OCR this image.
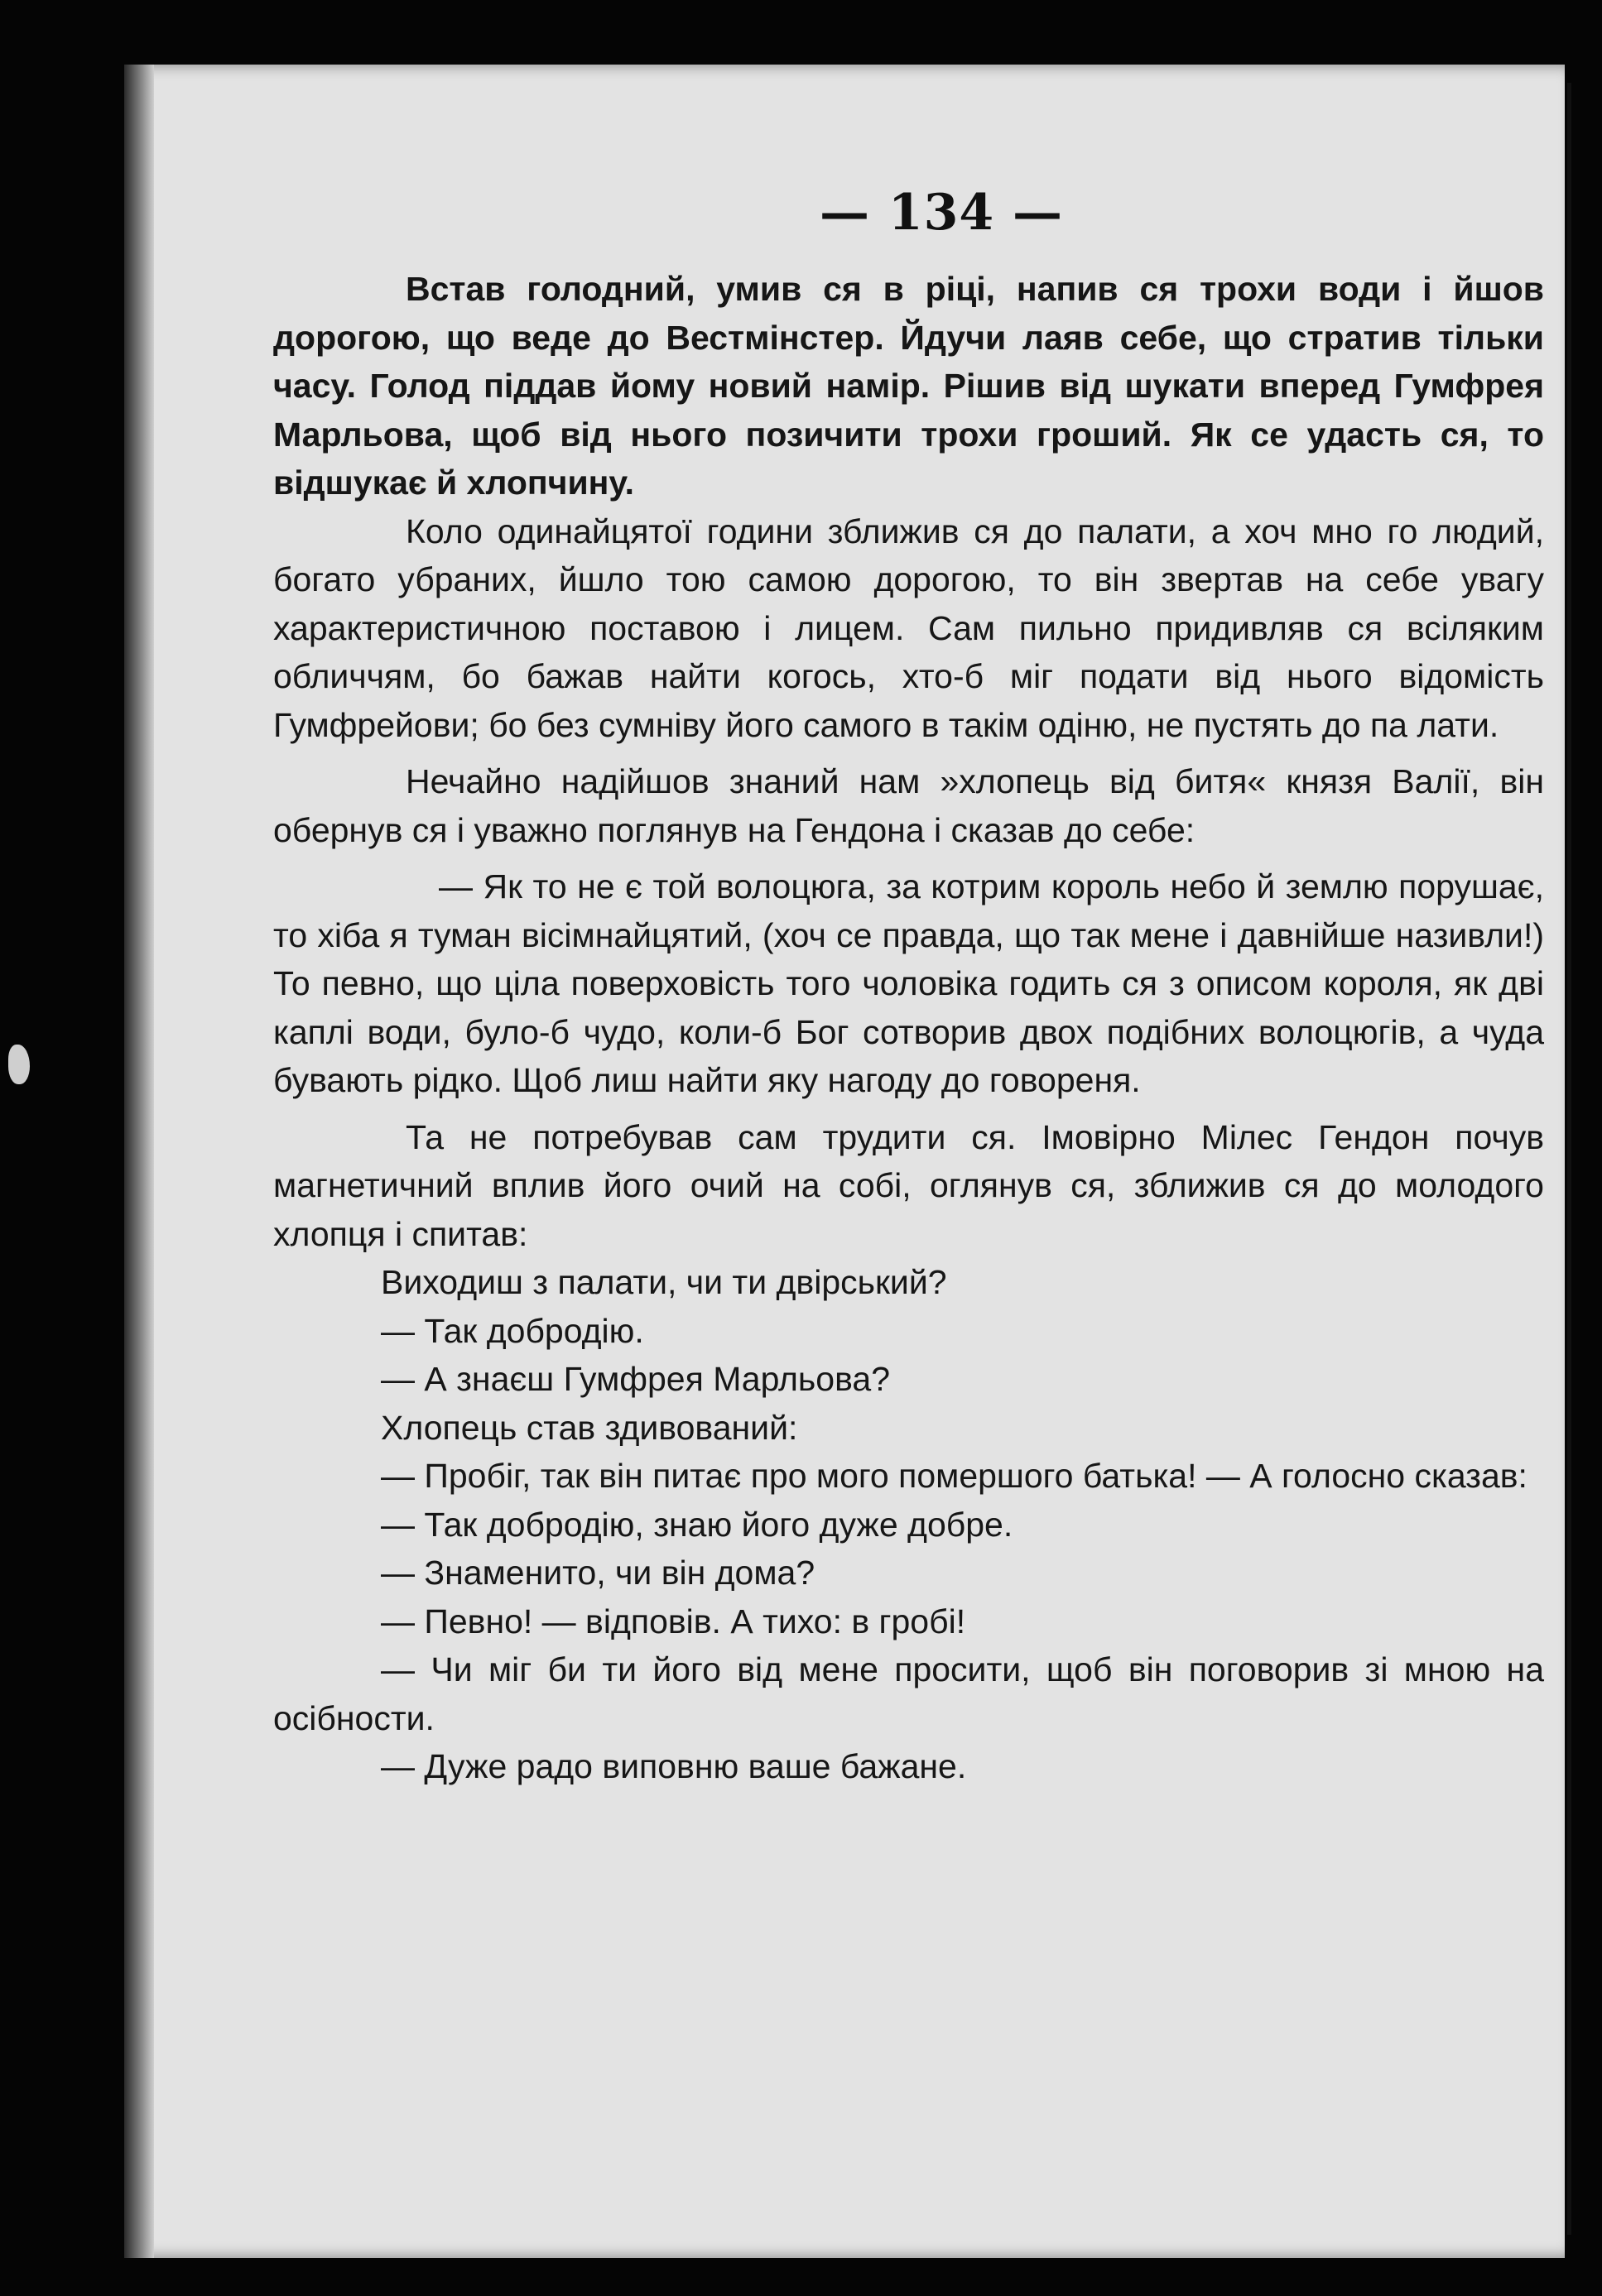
— 134 —

Встав голодний, умив ся в ріці, напив ся трохи води і йшов дорогою, що веде до Вестмінстер. Йдучи лаяв себе, що стратив тільки часу. Голод піддав йому новий намір. Рішив від шукати вперед Гумфрея Марльова, щоб від нього позичити трохи гроший. Як се удасть ся, то відшукає й хлопчину.

Коло одинайцятої години зближив ся до палати, а хоч мно го людий, богато убраних, йшло тою самою дорогою, то він звертав на себе увагу характеристичною поставою і лицем. Сам пильно придивляв ся всіляким обличчям, бо бажав найти когось, хто-б міг подати від нього відомість Гумфрейови; бо без сумніву його самого в такім одіню, не пустять до па лати.

Нечайно надійшов знаний нам »хлопець від битя« князя Валії, він обернув ся і уважно поглянув на Гендона і сказав до себе:

— Як то не є той волоцюга, за котрим король небо й землю порушає, то хіба я туман вісімнайцятий, (хоч се правда, що так мене і давнійше називли!) То певно, що ціла поверховість того чоловіка годить ся з описом короля, як дві каплі води, було-б чудо, коли-б Бог сотворив двох подібних волоцюгів, а чуда бувають рідко. Щоб лиш найти яку нагоду до говореня.

Та не потребував сам трудити ся. Імовірно Мілес Гендон почув магнетичний вплив його очий на собі, оглянув ся, зближив ся до молодого хлопця і спитав:

Виходиш з палати, чи ти двірський?

— Так добродію.

— А знаєш Гумфрея Марльова?

Хлопець став здивований:

— Пробіг, так він питає про мого помершого батька! — А голосно сказав:

— Так добродію, знаю його дуже добре.

— Знаменито, чи він дома?

— Певно! — відповів. А тихо: в гробі!

— Чи міг би ти його від мене просити, щоб він поговорив зі мною на осібности.

— Дуже радо виповню ваше бажане.
